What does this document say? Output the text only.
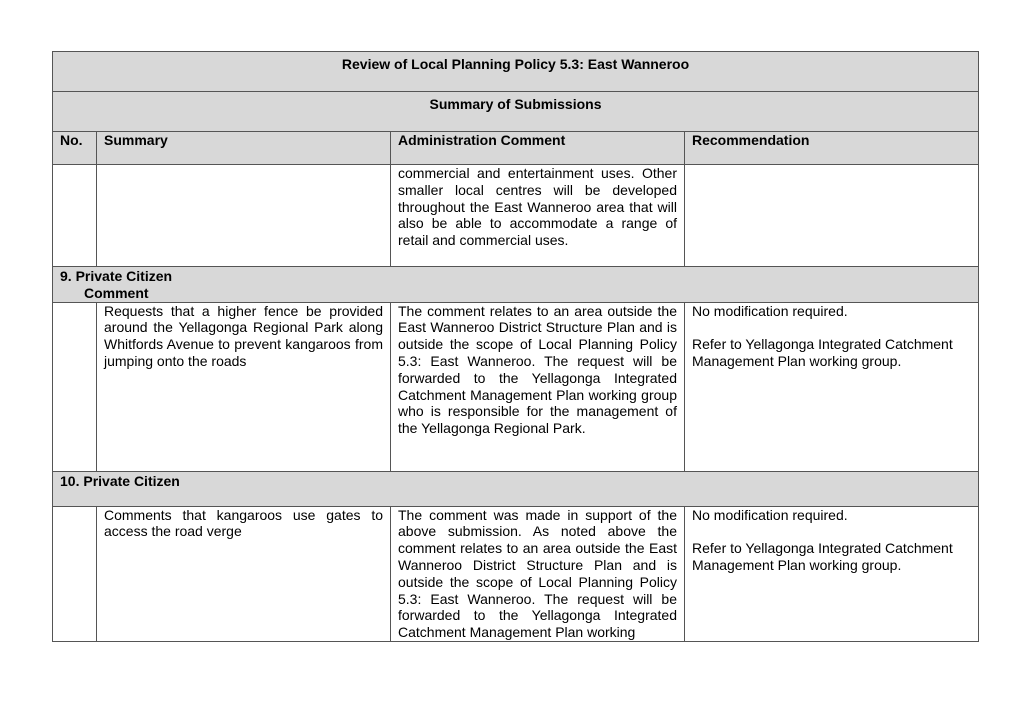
Review of Local Planning Policy 5.3: East Wanneroo			
Summary of Submissions			
No.	Summary	Administration Comment	Recommendation
		commercial and entertainment uses. Other smaller local centres will be developed throughout the East Wanneroo area that will also be able to accommodate a range of retail and commercial uses.	
9. Private Citizen
Comment			

	Requests that a higher fence be provided around the Yellagonga Regional Park along Whitfords Avenue to prevent kangaroos from jumping onto the roads	The comment relates to an area outside the East Wanneroo District Structure Plan and is outside the scope of Local Planning Policy 5.3: East Wanneroo. The request will be forwarded to the Yellagonga Integrated Catchment Management Plan working group who is responsible for the management of the Yellagonga Regional Park.	No modification required.
Refer to Yellagonga Integrated Catchment Management Plan working group.
10. Private Citizen			
	Comments that kangaroos use gates to access the road verge	The comment was made in support of the above submission. As noted above the comment relates to an area outside the East Wanneroo District Structure Plan and is outside the scope of Local Planning Policy 5.3: East Wanneroo. The request will be forwarded to the Yellagonga Integrated Catchment Management Plan working	No modification required.
Refer to Yellagonga Integrated Catchment Management Plan working group.
